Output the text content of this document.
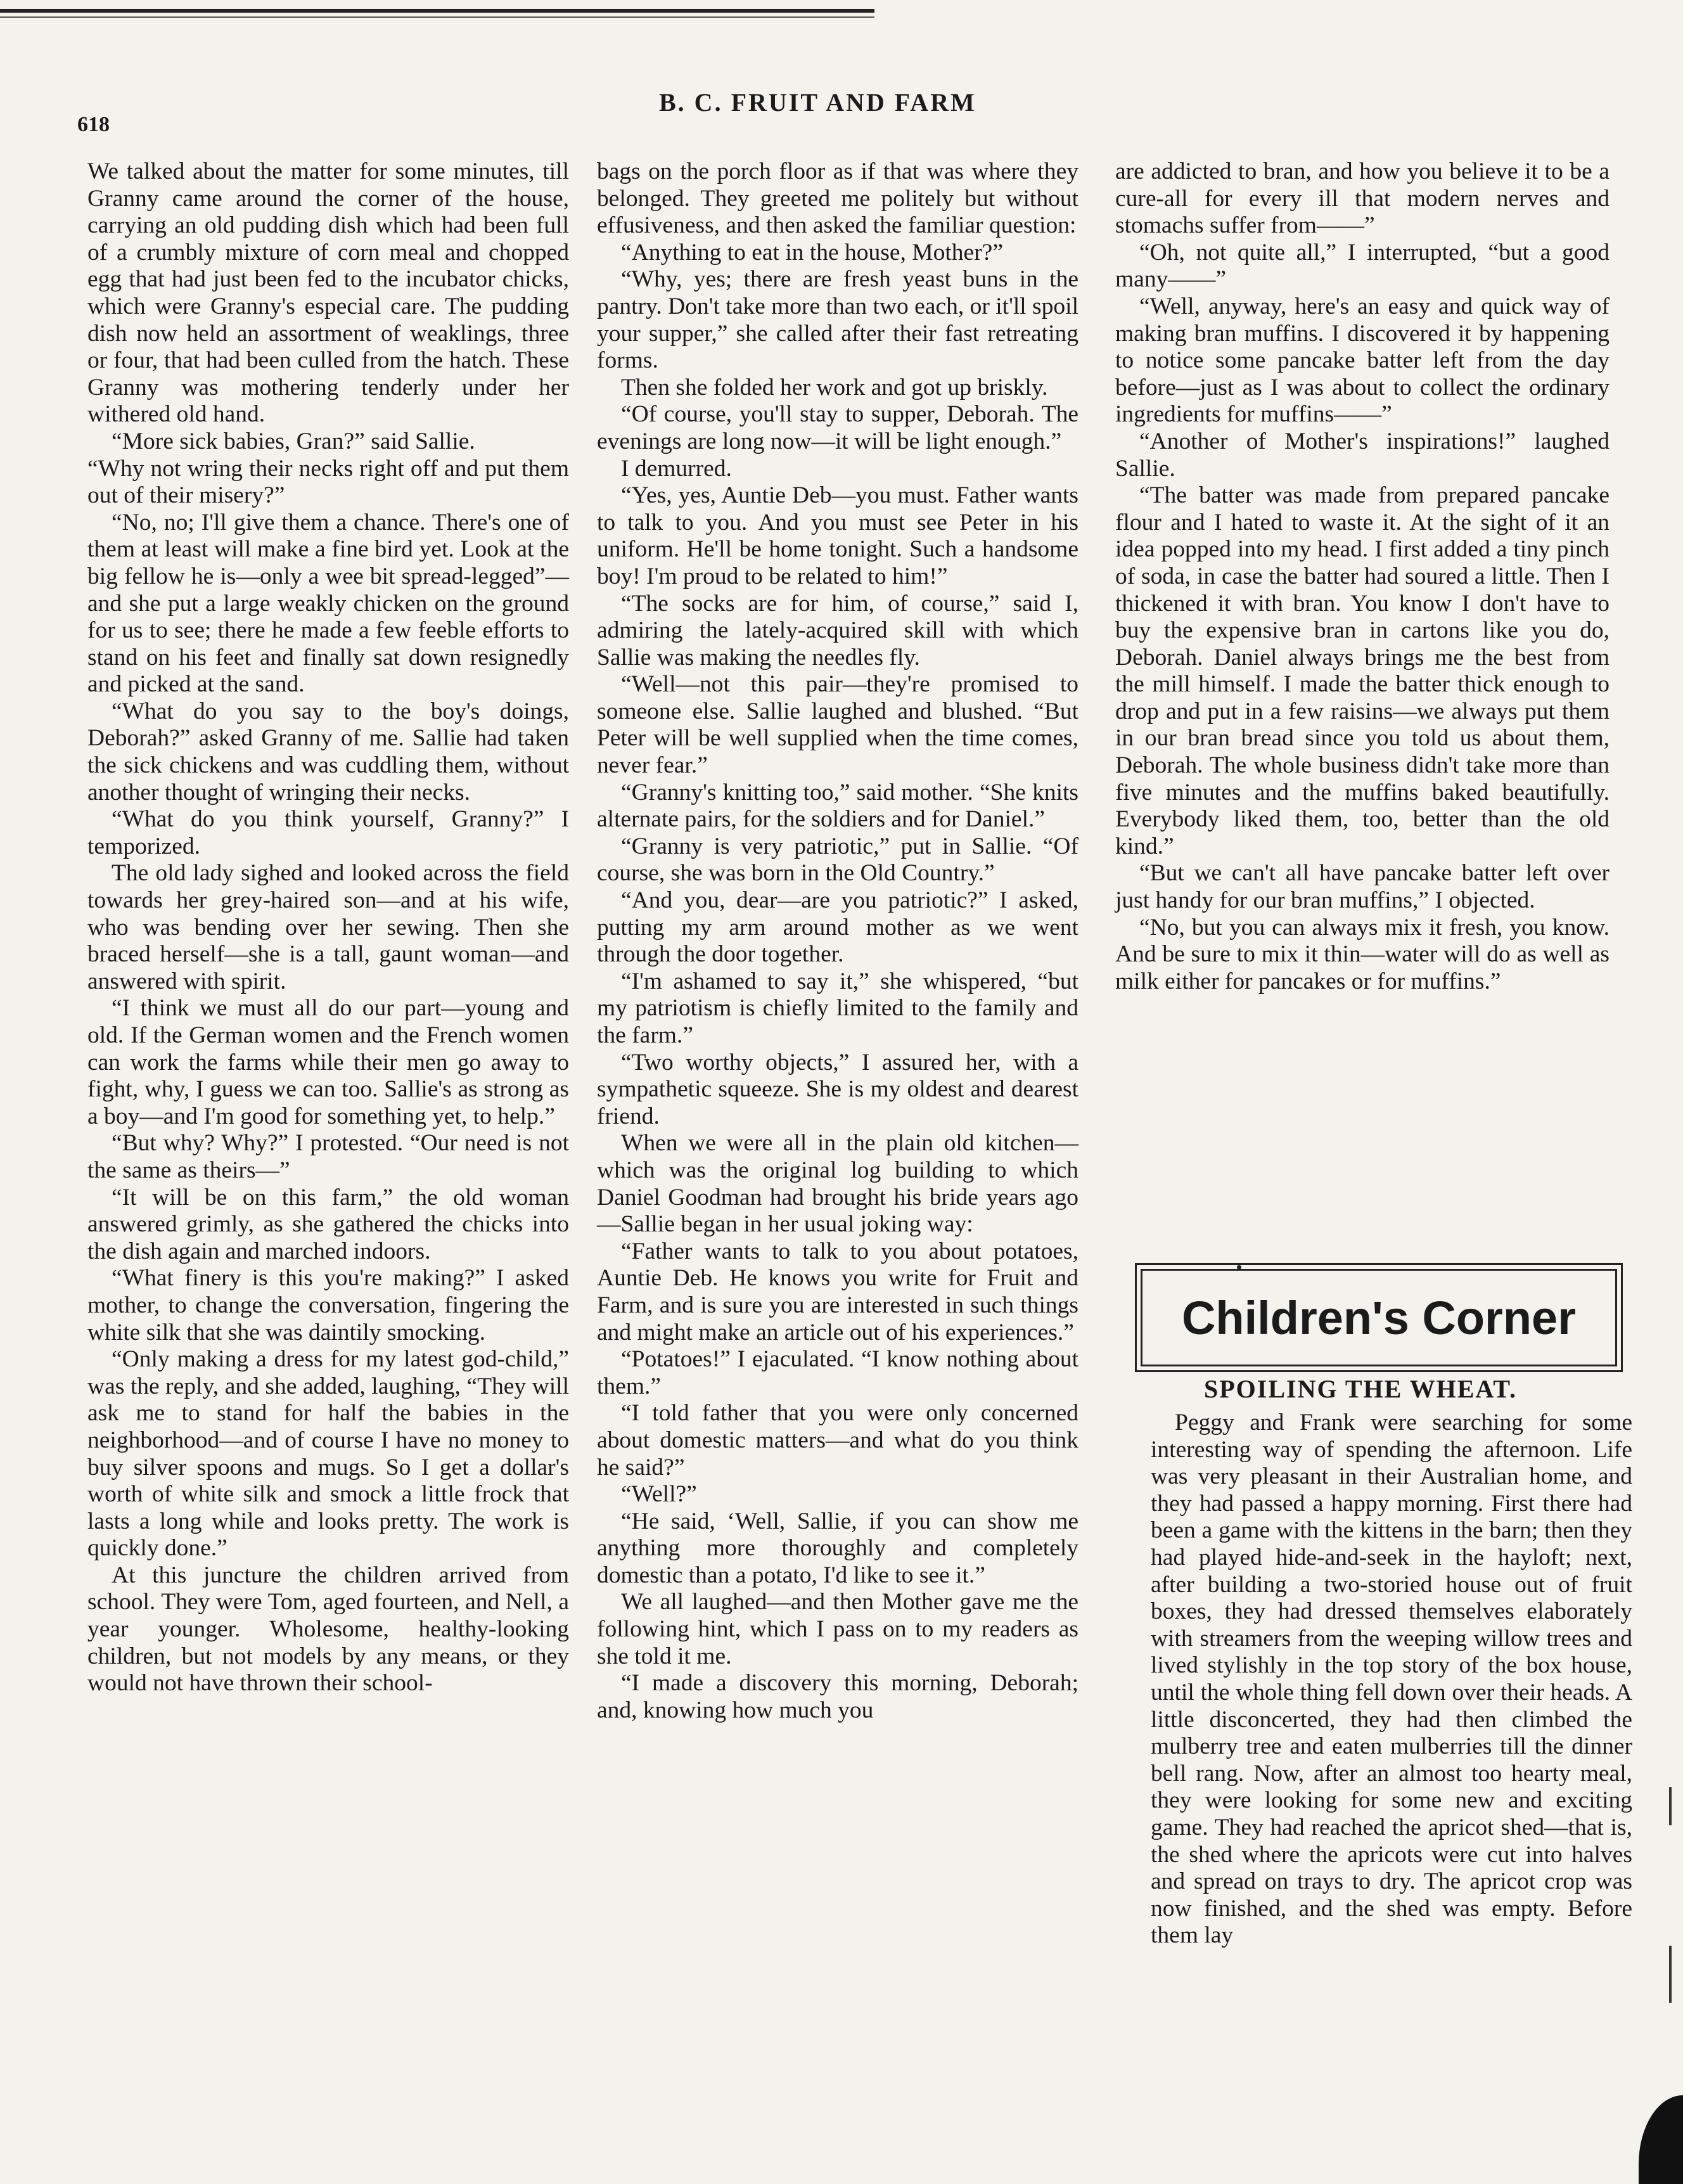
618
B. C. FRUIT AND FARM

We talked about the matter for some minutes, till Granny came around the corner of the house, carrying an old pudding dish which had been full of a crumbly mixture of corn meal and chopped egg that had just been fed to the incubator chicks, which were Granny's especial care. The pudding dish now held an assortment of weaklings, three or four, that had been culled from the hatch. These Granny was mothering tenderly under her withered old hand.

“More sick babies, Gran?” said Sallie.

“Why not wring their necks right off and put them out of their misery?”

“No, no; I'll give them a chance. There's one of them at least will make a fine bird yet. Look at the big fellow he is—only a wee bit spread-legged”—and she put a large weakly chicken on the ground for us to see; there he made a few feeble efforts to stand on his feet and finally sat down resignedly and picked at the sand.

“What do you say to the boy's doings, Deborah?” asked Granny of me. Sallie had taken the sick chickens and was cuddling them, without another thought of wringing their necks.

“What do you think yourself, Granny?” I temporized.

The old lady sighed and looked across the field towards her grey-haired son—and at his wife, who was bending over her sewing. Then she braced herself—she is a tall, gaunt woman—and answered with spirit.

“I think we must all do our part—young and old. If the German women and the French women can work the farms while their men go away to fight, why, I guess we can too. Sallie's as strong as a boy—and I'm good for something yet, to help.”

“But why? Why?” I protested. “Our need is not the same as theirs—”

“It will be on this farm,” the old woman answered grimly, as she gathered the chicks into the dish again and marched indoors.

“What finery is this you're making?” I asked mother, to change the conversation, fingering the white silk that she was daintily smocking.

“Only making a dress for my latest god-child,” was the reply, and she added, laughing, “They will ask me to stand for half the babies in the neighborhood—and of course I have no money to buy silver spoons and mugs. So I get a dollar's worth of white silk and smock a little frock that lasts a long while and looks pretty. The work is quickly done.”

At this juncture the children arrived from school. They were Tom, aged fourteen, and Nell, a year younger. Wholesome, healthy-looking children, but not models by any means, or they would not have thrown their school-

bags on the porch floor as if that was where they belonged. They greeted me politely but without effusiveness, and then asked the familiar question:

“Anything to eat in the house, Mother?”

“Why, yes; there are fresh yeast buns in the pantry. Don't take more than two each, or it'll spoil your supper,” she called after their fast retreating forms.

Then she folded her work and got up briskly.

“Of course, you'll stay to supper, Deborah. The evenings are long now—it will be light enough.”

I demurred.

“Yes, yes, Auntie Deb—you must. Father wants to talk to you. And you must see Peter in his uniform. He'll be home tonight. Such a handsome boy! I'm proud to be related to him!”

“The socks are for him, of course,” said I, admiring the lately-acquired skill with which Sallie was making the needles fly.

“Well—not this pair—they're promised to someone else. Sallie laughed and blushed. “But Peter will be well supplied when the time comes, never fear.”

“Granny's knitting too,” said mother. “She knits alternate pairs, for the soldiers and for Daniel.”

“Granny is very patriotic,” put in Sallie. “Of course, she was born in the Old Country.”

“And you, dear—are you patriotic?” I asked, putting my arm around mother as we went through the door together.

“I'm ashamed to say it,” she whispered, “but my patriotism is chiefly limited to the family and the farm.”

“Two worthy objects,” I assured her, with a sympathetic squeeze. She is my oldest and dearest friend.

When we were all in the plain old kitchen—which was the original log building to which Daniel Goodman had brought his bride years ago—Sallie began in her usual joking way:

“Father wants to talk to you about potatoes, Auntie Deb. He knows you write for Fruit and Farm, and is sure you are interested in such things and might make an article out of his experiences.”

“Potatoes!” I ejaculated. “I know nothing about them.”

“I told father that you were only concerned about domestic matters—and what do you think he said?”

“Well?”

“He said, ‘Well, Sallie, if you can show me anything more thoroughly and completely domestic than a potato, I'd like to see it.”

We all laughed—and then Mother gave me the following hint, which I pass on to my readers as she told it me.

“I made a discovery this morning, Deborah; and, knowing how much you

are addicted to bran, and how you believe it to be a cure-all for every ill that modern nerves and stomachs suffer from——”

“Oh, not quite all,” I interrupted, “but a good many——”

“Well, anyway, here's an easy and quick way of making bran muffins. I discovered it by happening to notice some pancake batter left from the day before—just as I was about to collect the ordinary ingredients for muffins——”

“Another of Mother's inspirations!” laughed Sallie.

“The batter was made from prepared pancake flour and I hated to waste it. At the sight of it an idea popped into my head. I first added a tiny pinch of soda, in case the batter had soured a little. Then I thickened it with bran. You know I don't have to buy the expensive bran in cartons like you do, Deborah. Daniel always brings me the best from the mill himself. I made the batter thick enough to drop and put in a few raisins—we always put them in our bran bread since you told us about them, Deborah. The whole business didn't take more than five minutes and the muffins baked beautifully. Everybody liked them, too, better than the old kind.”

“But we can't all have pancake batter left over just handy for our bran muffins,” I objected.

“No, but you can always mix it fresh, you know. And be sure to mix it thin—water will do as well as milk either for pancakes or for muffins.”

Children's Corner
SPOILING THE WHEAT.

Peggy and Frank were searching for some interesting way of spending the afternoon. Life was very pleasant in their Australian home, and they had passed a happy morning. First there had been a game with the kittens in the barn; then they had played hide-and-seek in the hayloft; next, after building a two-storied house out of fruit boxes, they had dressed themselves elaborately with streamers from the weeping willow trees and lived stylishly in the top story of the box house, until the whole thing fell down over their heads. A little disconcerted, they had then climbed the mulberry tree and eaten mulberries till the dinner bell rang. Now, after an almost too hearty meal, they were looking for some new and exciting game. They had reached the apricot shed—that is, the shed where the apricots were cut into halves and spread on trays to dry. The apricot crop was now finished, and the shed was empty. Before them lay
